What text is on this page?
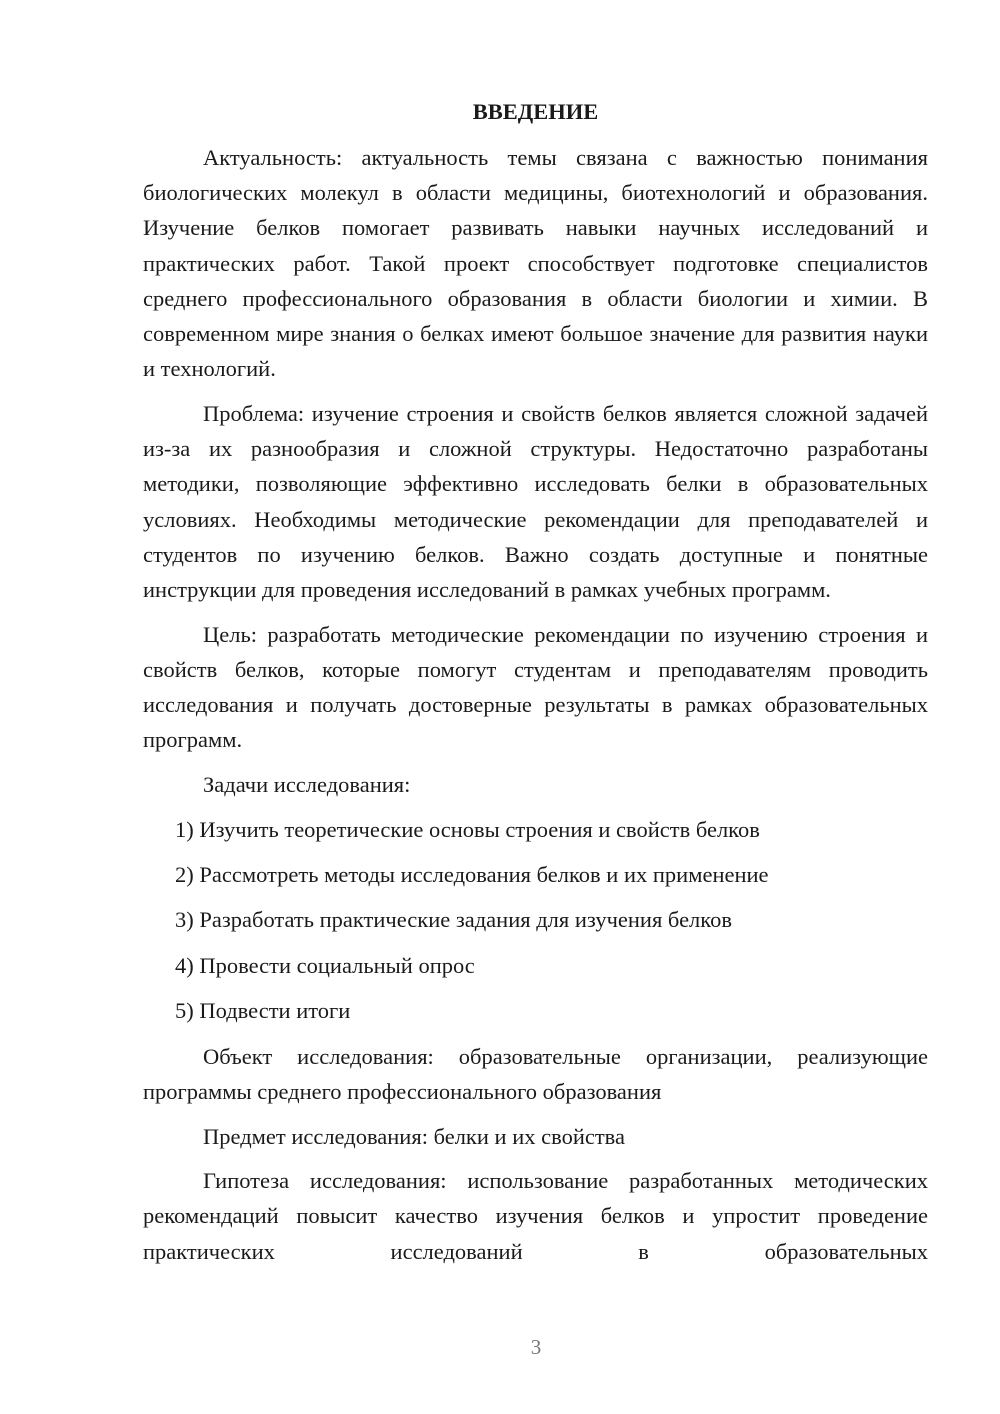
ВВЕДЕНИЕ

Актуальность: актуальность темы связана с важностью понимания биологических молекул в области медицины, биотехнологий и образования. Изучение белков помогает развивать навыки научных исследований и практических работ. Такой проект способствует подготовке специалистов среднего профессионального образования в области биологии и химии. В современном мире знания о белках имеют большое значение для развития науки и технологий.

Проблема: изучение строения и свойств белков является сложной задачей из-за их разнообразия и сложной структуры. Недостаточно разработаны методики, позволяющие эффективно исследовать белки в образовательных условиях. Необходимы методические рекомендации для преподавателей и студентов по изучению белков. Важно создать доступные и понятные инструкции для проведения исследований в рамках учебных программ.

Цель: разработать методические рекомендации по изучению строения и свойств белков, которые помогут студентам и преподавателям проводить исследования и получать достоверные результаты в рамках образовательных программ.

Задачи исследования:

1) Изучить теоретические основы строения и свойств белков

2) Рассмотреть методы исследования белков и их применение

3) Разработать практические задания для изучения белков

4) Провести социальный опрос

5) Подвести итоги

Объект исследования: образовательные организации, реализующие программы среднего профессионального образования

Предмет исследования: белки и их свойства

Гипотеза исследования: использование разработанных методических рекомендаций повысит качество изучения белков и упростит проведение практических исследований в образовательных

3
